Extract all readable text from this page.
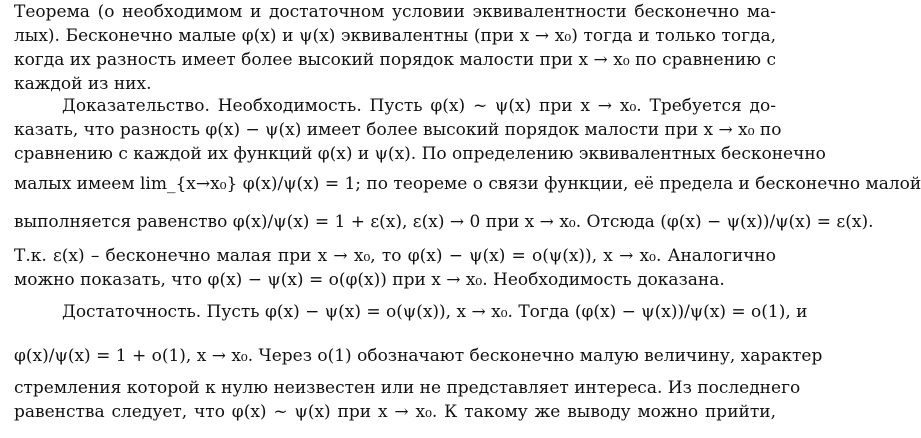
Теорема (о необходимом и достаточном условии эквивалентности бесконечно ма-
лых). Бесконечно малые φ(x) и ψ(x) эквивалентны (при x → x₀) тогда и только тогда,
когда их разность имеет более высокий порядок малости при x → x₀ по сравнению с
каждой из них.
Доказательство. Необходимость. Пусть φ(x) ~ ψ(x) при x → x₀. Требуется до-
казать, что разность φ(x) − ψ(x) имеет более высокий порядок малости при x → x₀ по
сравнению с каждой их функций φ(x) и ψ(x). По определению эквивалентных бесконечно
малых имеем lim_{x→x₀} φ(x)/ψ(x) = 1; по теореме о связи функции, её предела и бесконечно малой
выполняется равенство φ(x)/ψ(x) = 1 + ε(x), ε(x) → 0 при x → x₀. Отсюда (φ(x) − ψ(x))/ψ(x) = ε(x).
Т.к. ε(x) – бесконечно малая при x → x₀, то φ(x) − ψ(x) = o(ψ(x)), x → x₀. Аналогично
можно показать, что φ(x) − ψ(x) = o(φ(x)) при x → x₀. Необходимость доказана.
Достаточность. Пусть φ(x) − ψ(x) = o(ψ(x)), x → x₀. Тогда (φ(x) − ψ(x))/ψ(x) = o(1), и
φ(x)/ψ(x) = 1 + o(1), x → x₀. Через o(1) обозначают бесконечно малую величину, характер
стремления которой к нулю неизвестен или не представляет интереса. Из последнего
равенства следует, что φ(x) ~ ψ(x) при x → x₀. К такому же выводу можно прийти,
